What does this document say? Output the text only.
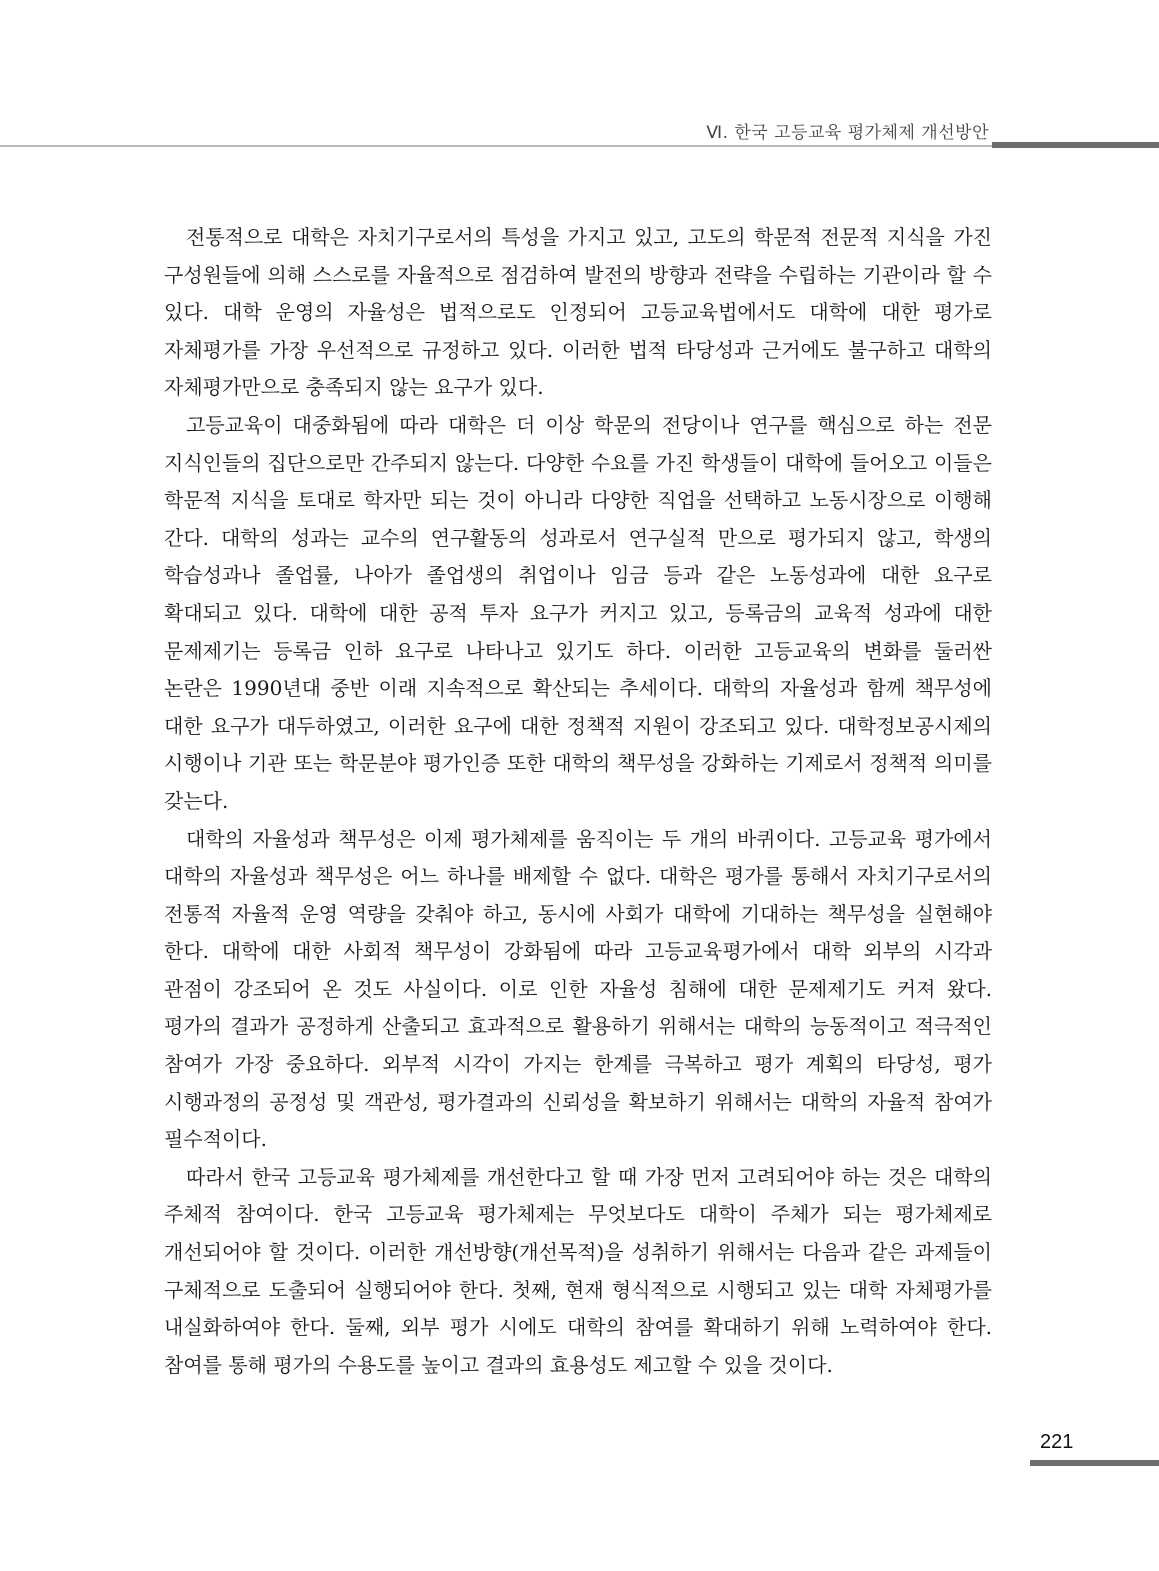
Ⅵ. 한국 고등교육 평가체제 개선방안

전통적으로 대학은 자치기구로서의 특성을 가지고 있고, 고도의 학문적 전문적 지식을 가진 구성원들에 의해 스스로를 자율적으로 점검하여 발전의 방향과 전략을 수립하는 기관이라 할 수 있다. 대학 운영의 자율성은 법적으로도 인정되어 고등교육법에서도 대학에 대한 평가로 자체평가를 가장 우선적으로 규정하고 있다. 이러한 법적 타당성과 근거에도 불구하고 대학의 자체평가만으로 충족되지 않는 요구가 있다.

고등교육이 대중화됨에 따라 대학은 더 이상 학문의 전당이나 연구를 핵심으로 하는 전문 지식인들의 집단으로만 간주되지 않는다. 다양한 수요를 가진 학생들이 대학에 들어오고 이들은 학문적 지식을 토대로 학자만 되는 것이 아니라 다양한 직업을 선택하고 노동시장으로 이행해 간다. 대학의 성과는 교수의 연구활동의 성과로서 연구실적 만으로 평가되지 않고, 학생의 학습성과나 졸업률, 나아가 졸업생의 취업이나 임금 등과 같은 노동성과에 대한 요구로 확대되고 있다. 대학에 대한 공적 투자 요구가 커지고 있고, 등록금의 교육적 성과에 대한 문제제기는 등록금 인하 요구로 나타나고 있기도 하다. 이러한 고등교육의 변화를 둘러싼 논란은 1990년대 중반 이래 지속적으로 확산되는 추세이다. 대학의 자율성과 함께 책무성에 대한 요구가 대두하였고, 이러한 요구에 대한 정책적 지원이 강조되고 있다. 대학정보공시제의 시행이나 기관 또는 학문분야 평가인증 또한 대학의 책무성을 강화하는 기제로서 정책적 의미를 갖는다.

대학의 자율성과 책무성은 이제 평가체제를 움직이는 두 개의 바퀴이다. 고등교육 평가에서 대학의 자율성과 책무성은 어느 하나를 배제할 수 없다. 대학은 평가를 통해서 자치기구로서의 전통적 자율적 운영 역량을 갖춰야 하고, 동시에 사회가 대학에 기대하는 책무성을 실현해야 한다. 대학에 대한 사회적 책무성이 강화됨에 따라 고등교육평가에서 대학 외부의 시각과 관점이 강조되어 온 것도 사실이다. 이로 인한 자율성 침해에 대한 문제제기도 커져 왔다. 평가의 결과가 공정하게 산출되고 효과적으로 활용하기 위해서는 대학의 능동적이고 적극적인 참여가 가장 중요하다. 외부적 시각이 가지는 한계를 극복하고 평가 계획의 타당성, 평가 시행과정의 공정성 및 객관성, 평가결과의 신뢰성을 확보하기 위해서는 대학의 자율적 참여가 필수적이다.

따라서 한국 고등교육 평가체제를 개선한다고 할 때 가장 먼저 고려되어야 하는 것은 대학의 주체적 참여이다. 한국 고등교육 평가체제는 무엇보다도 대학이 주체가 되는 평가체제로 개선되어야 할 것이다. 이러한 개선방향(개선목적)을 성취하기 위해서는 다음과 같은 과제들이 구체적으로 도출되어 실행되어야 한다. 첫째, 현재 형식적으로 시행되고 있는 대학 자체평가를 내실화하여야 한다. 둘째, 외부 평가 시에도 대학의 참여를 확대하기 위해 노력하여야 한다. 참여를 통해 평가의 수용도를 높이고 결과의 효용성도 제고할 수 있을 것이다.

221
